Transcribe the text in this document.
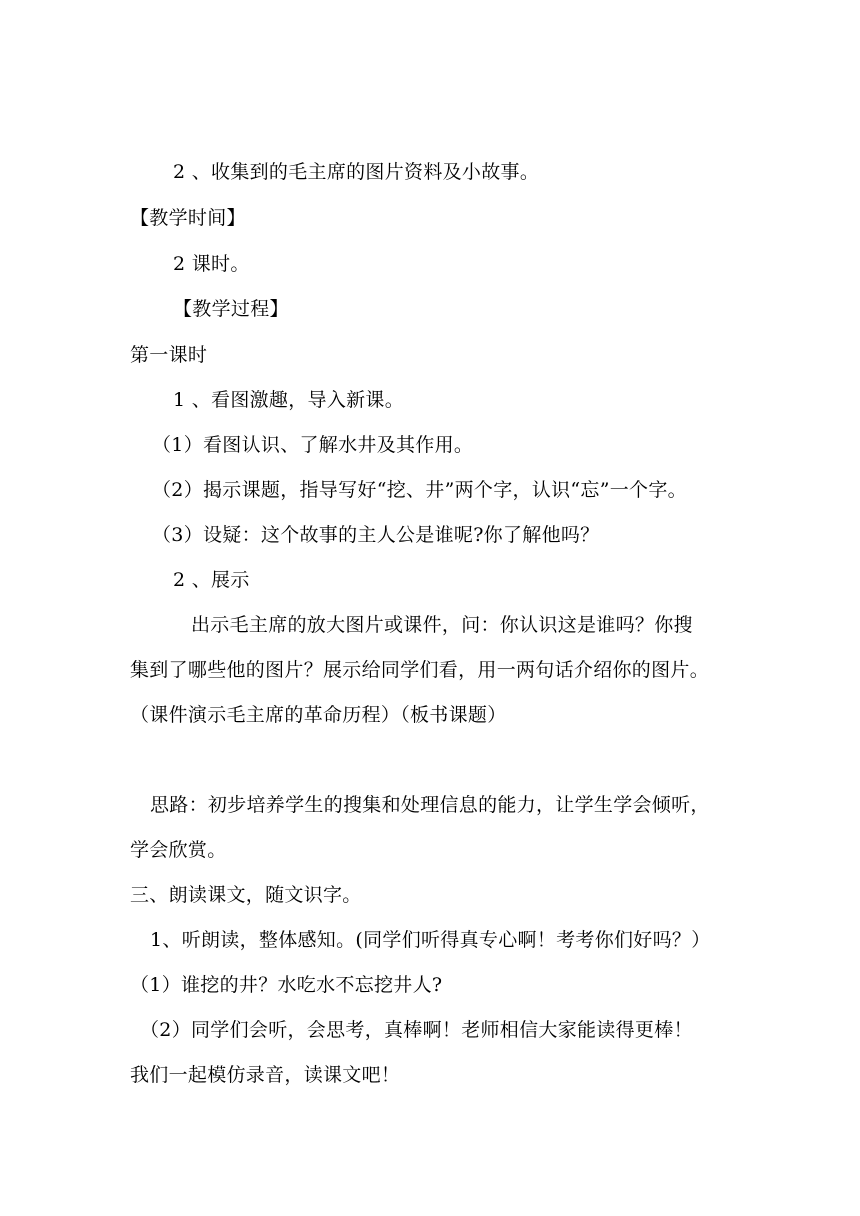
2 、收集到的毛主席的图片资料及小故事。
【教学时间】
2 课时。
【教学过程】
第一课时
1 、看图激趣，导入新课。
（1）看图认识、了解水井及其作用。
（2）揭示课题，指导写好“挖、井”两个字，认识“忘”一个字。
（3）设疑：这个故事的主人公是谁呢?你了解他吗？
2 、展示
出示毛主席的放大图片或课件，问：你认识这是谁吗？你搜
集到了哪些他的图片？展示给同学们看，用一两句话介绍你的图片。
（课件演示毛主席的革命历程）（板书课题）
思路：初步培养学生的搜集和处理信息的能力，让学生学会倾听，
学会欣赏。
三、朗读课文，随文识字。
1、听朗读，整体感知。(同学们听得真专心啊！考考你们好吗？）
（1）谁挖的井？水吃水不忘挖井人?
（2）同学们会听，会思考，真棒啊！老师相信大家能读得更棒！
我们一起模仿录音，读课文吧！
